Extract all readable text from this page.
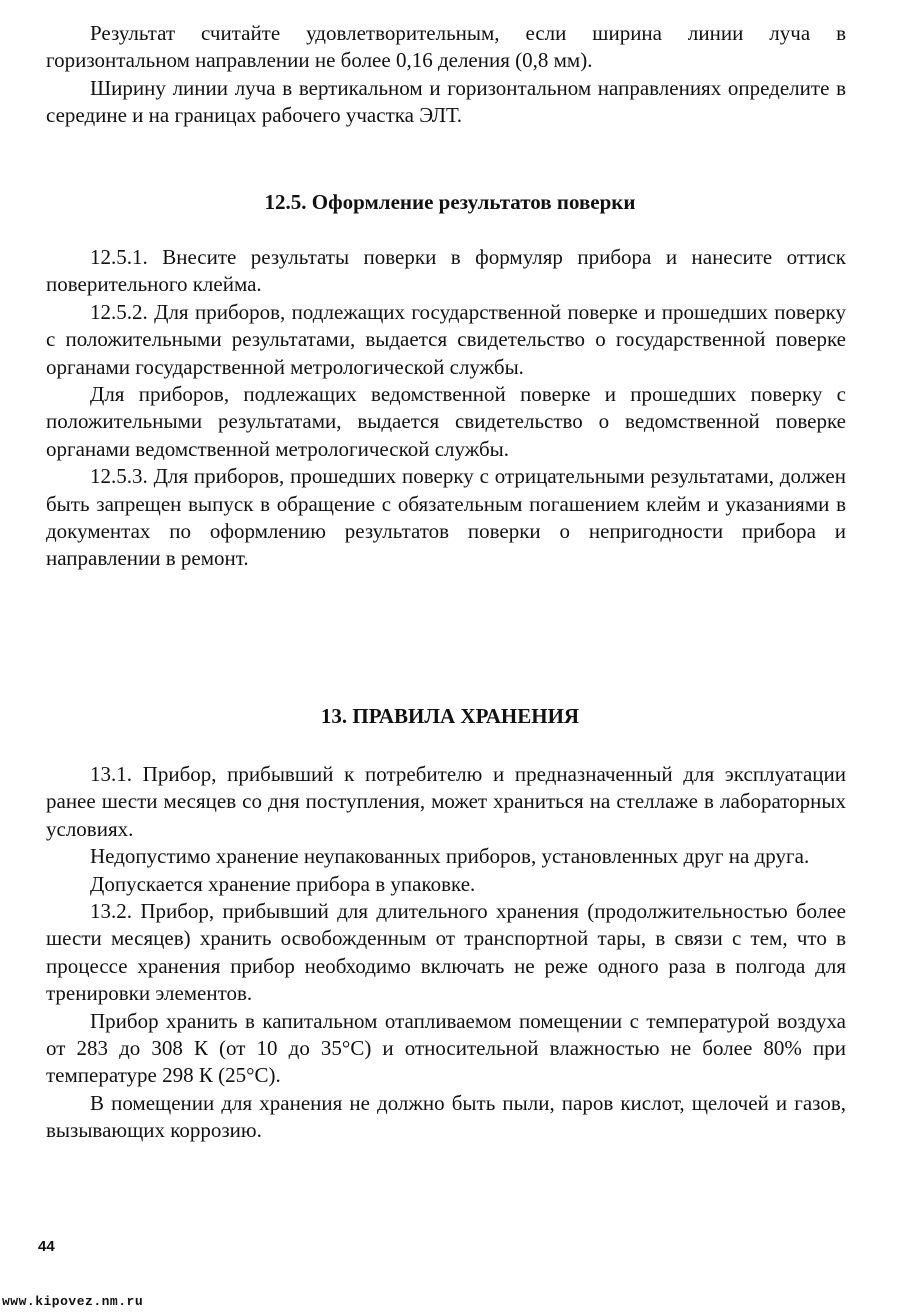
Результат считайте удовлетворительным, если ширина линии луча в горизонтальном направлении не более 0,16 деления (0,8 мм).

Ширину линии луча в вертикальном и горизонтальном направлениях определите в середине и на границах рабочего участка ЭЛТ.

12.5. Оформление результатов поверки

12.5.1. Внесите результаты поверки в формуляр прибора и нанесите оттиск поверительного клейма.

12.5.2. Для приборов, подлежащих государственной поверке и прошедших поверку с положительными результатами, выдается свидетельство о государственной поверке органами государственной метрологической службы.

Для приборов, подлежащих ведомственной поверке и прошедших поверку с положительными результатами, выдается свидетельство о ведомственной поверке органами ведомственной метрологической службы.

12.5.3. Для приборов, прошедших поверку с отрицательными результатами, должен быть запрещен выпуск в обращение с обязательным погашением клейм и указаниями в документах по оформлению результатов поверки о непригодности прибора и направлении в ремонт.

13. ПРАВИЛА ХРАНЕНИЯ

13.1. Прибор, прибывший к потребителю и предназначенный для эксплуатации ранее шести месяцев со дня поступления, может храниться на стеллаже в лабораторных условиях.

Недопустимо хранение неупакованных приборов, установленных друг на друга.

Допускается хранение прибора в упаковке.

13.2. Прибор, прибывший для длительного хранения (продолжительностью более шести месяцев) хранить освобожденным от транспортной тары, в связи с тем, что в процессе хранения прибор необходимо включать не реже одного раза в полгода для тренировки элементов.

Прибор хранить в капитальном отапливаемом помещении с температурой воздуха от 283 до 308 К (от 10 до 35°С) и относительной влажностью не более 80% при температуре 298 К (25°С).

В помещении для хранения не должно быть пыли, паров кислот, щелочей и газов, вызывающих коррозию.

44
www.kipovez.nm.ru
